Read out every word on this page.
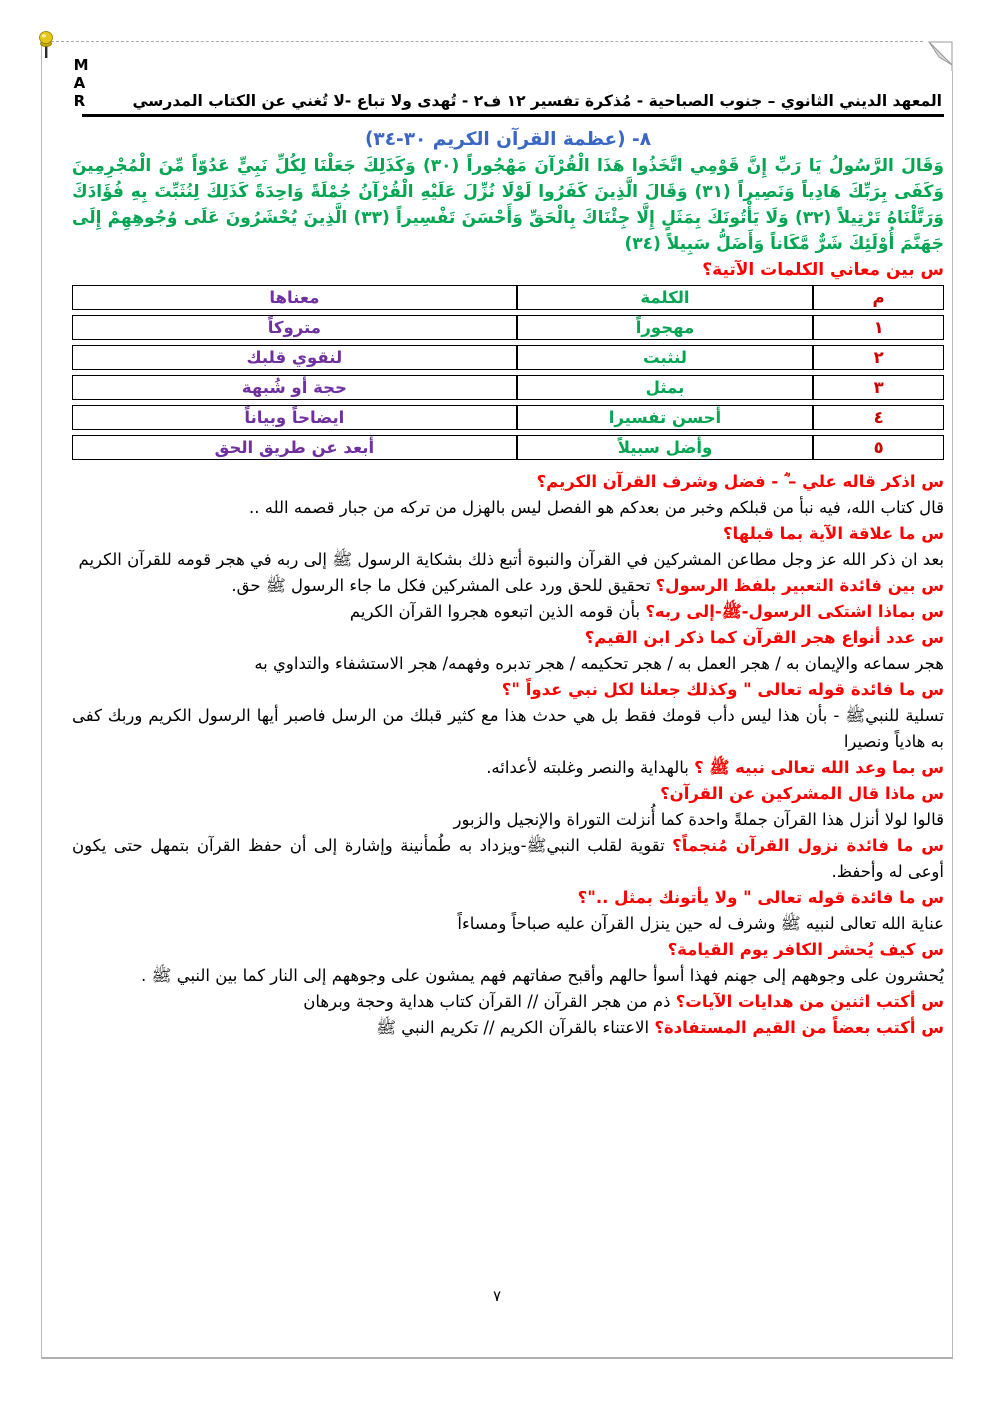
المعهد الديني الثانوي – جنوب الصباحية - مُذكرة تفسير ١٢ ف٢ - تُهدى ولا تباع -لا تُغني عن الكتاب المدرسي
M A R
٨- (عظمة القرآن الكريم ٣٠-٣٤)
وَقَالَ الرَّسُولُ يَا رَبِّ إِنَّ قَوْمِي اتَّخَذُوا هَذَا الْقُرْآنَ مَهْجُوراً (٣٠) وَكَذَلِكَ جَعَلْنَا لِكُلِّ نَبِيٍّ عَدُوّاً مِّنَ الْمُجْرِمِينَ وَكَفَى بِرَبِّكَ هَادِياً وَنَصِيراً (٣١) وَقَالَ الَّذِينَ كَفَرُوا لَوْلَا نُزِّلَ عَلَيْهِ الْقُرْآنُ جُمْلَةً وَاحِدَةً كَذَلِكَ لِنُثَبِّتَ بِهِ فُؤَادَكَ وَرَتَّلْنَاهُ تَرْتِيلاً (٣٢) وَلَا يَأْتُونَكَ بِمَثَلٍ إِلَّا جِئْنَاكَ بِالْحَقِّ وَأَحْسَنَ تَفْسِيراً (٣٣) الَّذِينَ يُحْشَرُونَ عَلَى وُجُوهِهِمْ إِلَى جَهَنَّمَ أُوْلَئِكَ شَرٌّ مَّكَاناً وَأَضَلُّ سَبِيلاً (٣٤)
س بين معاني الكلمات الآتية؟
م	الكلمة	معناها
١	مهجوراً	متروكاً
٢	لنثبت	لنقوي قلبك
٣	بمثل	حجة أو شُبهة
٤	أحسن تفسيرا	ايضاحاً وبياناً
٥	وأضل سبيلاً	أبعد عن طريق الحق

س اذكر قاله علي – ؓ - فضل وشرف القرآن الكريم؟

قال كتاب الله، فيه نبأ من قبلكم وخبر من بعدكم هو الفصل ليس بالهزل من تركه من جبار قصمه الله ..

س ما علاقة الآية بما قبلها؟

بعد ان ذكر الله عز وجل مطاعن المشركين في القرآن والنبوة أتبع ذلك بشكاية الرسول ﷺ إلى ربه في هجر قومه للقرآن الكريم

س بين فائدة التعبير بلفظ الرسول؟ تحقيق للحق ورد على المشركين فكل ما جاء الرسول ﷺ حق.

س بماذا اشتكى الرسول-ﷺ-إلى ربه؟ بأن قومه الذين اتبعوه هجروا القرآن الكريم

س عدد أنواع هجر القرآن كما ذكر ابن القيم؟

هجر سماعه والإيمان به / هجر العمل به / هجر تحكيمه / هجر تدبره وفهمه/ هجر الاستشفاء والتداوي به

س ما فائدة قوله تعالى " وكذلك جعلنا لكل نبي عدواً "؟

تسلية للنبيﷺ - بأن هذا ليس دأب قومك فقط بل هي حدث هذا مع كثير قبلك من الرسل فاصبر أيها الرسول الكريم وربك كفى به هادياً ونصيرا

س بما وعد الله تعالى نبيه ﷺ ؟ بالهداية والنصر وغلبته لأعدائه.

س ماذا قال المشركين عن القرآن؟

قالوا لولا أنزل هذا القرآن جملةً واحدة كما أُنزلت التوراة والإنجيل والزبور

س ما فائدة نزول القرآن مُنجماً؟ تقوية لقلب النبيﷺ-ويزداد به طُمأنينة وإشارة إلى أن حفظ القرآن بتمهل حتى يكون أوعى له وأحفظ.

س ما فائدة قوله تعالى " ولا يأتونك بمثل .."؟

عناية الله تعالى لنبيه ﷺ وشرف له حين ينزل القرآن عليه صباحاً ومساءاً

س كيف يُحشر الكافر يوم القيامة؟

يُحشرون على وجوههم إلى جهنم فهذا أسوأ حالهم وأقبح صفاتهم فهم يمشون على وجوههم إلى النار كما بين النبي ﷺ .

س أكتب اثنين من هدايات الآيات؟ ذم من هجر القرآن // القرآن كتاب هداية وحجة وبرهان

س أكتب بعضاً من القيم المستفادة؟ الاعتناء بالقرآن الكريم // تكريم النبي ﷺ

٧
